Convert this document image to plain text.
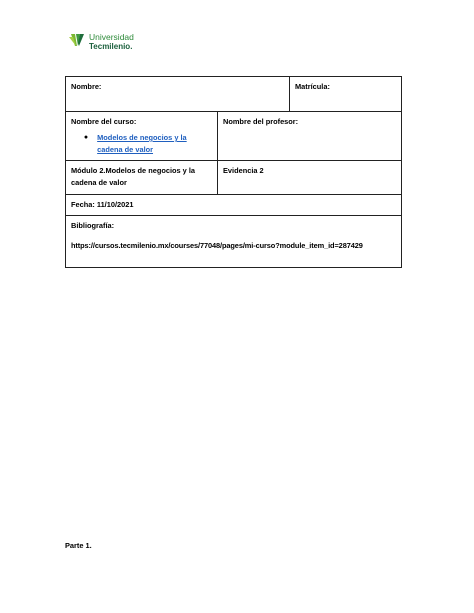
Universidad
Tecmilenio.
Nombre:		Matrícula:
Nombre del curso:
● Modelos de negocios y la cadena de valor	Nombre del profesor:	
Módulo 2.Modelos de negocios y la cadena de valor	Evidencia 2	
Fecha: 11/10/2021		
Bibliografía:
https://cursos.tecmilenio.mx/courses/77048/pages/mi-curso?module_item_id=287429		
Parte 1.
